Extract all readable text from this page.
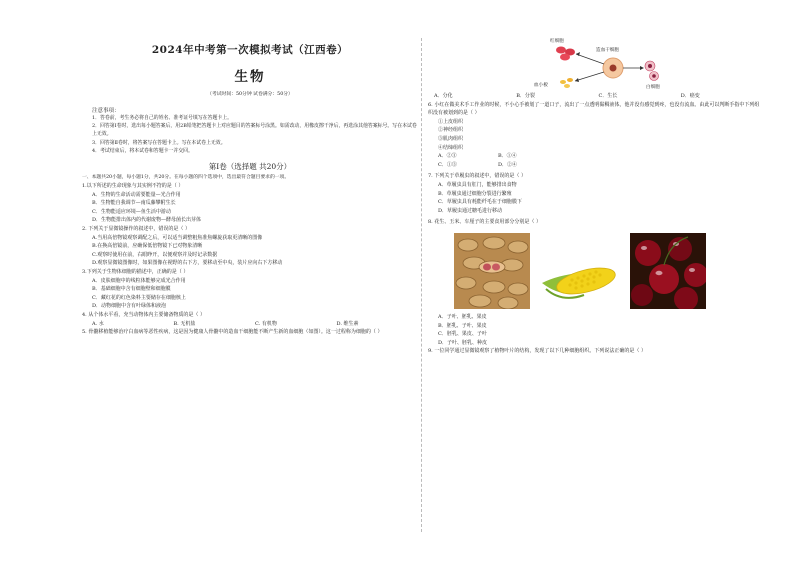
2024年中考第一次模拟考试（江西卷）
生物
（考试时间：50分钟 试卷满分：50分）
注意事项：
1．答卷前，考生务必将自己的姓名、准考证号填写在答题卡上。
2．回答第Ⅰ卷时，选出每小题答案后，用2B铅笔把答题卡上对应题目的答案标号涂黑。如需改动，用橡皮擦干净后，再选涂其他答案标号。写在本试卷上无效。
3．回答第Ⅱ卷时，将答案写在答题卡上。写在本试卷上无效。
4．考试结束后，将本试卷和答题卡一并交回。
第Ⅰ卷（选择题 共20分）
一、本题共20小题，每小题1分，共20分。在每小题的四个选项中，选出最符合题目要求的一项。
1.以下所述的生命现象与其实例不符的是（ ）
A．生物的生命活动需要能量—光合作用
B．生物能自我调节—南瓜藤攀附生长
C．生物能适应环境—鱼生活中游动
D．生物能排出体内的代谢废物—酵母菌长出芽体
2. 下列关于显微镜操作的叙述中，错误的是（ ）
A.当用高倍物镜观察调配之后，可以适当调整粗焦准焦螺旋获取更清晰的图像
B.在换高倍镜前，应确保低倍物镜下已对物象清晰
C.观察时使用在前，右眼睁开，以便观察并及时记录数据
D.观察显微镜图像时，如果图像在视野的右下方，要移动至中央，装片应向右下方移动
3.下列关于生物体细胞的描述中，正确的是（ ）
A．皮肤细胞中的线粒体能够完成光合作用
B．基础细胞中含有细胞壁和细胞膜
C．藏红花的红色染料主要储存在细胞核上
D．动物细胞中含有叶绿体和液泡
4. 从个体水平看，充当动物体内主要储备物质的是（ ）
A. 水	B. 无机盐	C. 有机物	D. 维生素
5. 骨髓移植能够治疗白血病等恶性疾病，这是因为健康人骨髓中的造血干细胞能不断产生新的血细胞（如图）。这一过程称为细胞的（ ）
红细胞
造血干细胞
血小板	白细胞
A．分化	B．分裂	C．生长	D．癌变
6. 小红在做美术手工作业的时候，不小心手被划了一道口子，流出了一点透明黏稠液体，他并没有感觉到疼，也没有流血。由此可以判断手指中下列组织没有被划到的是（ ）
①上皮组织
②神经组织
③肌肉组织
④结缔组织
A．②③	B．①④
C．①③	D．②④
7. 下列关于草履虫的叙述中，错误的是（ ）
A．草履虫具有肛门，能够排出食物
B．草履虫通过细胞分裂进行繁殖
C．草履虫具有耗能纤毛在于细胞膜下
D．草履虫通过糖毛进行移动
8. 花生、玉米、车厘子的主要食用部分分别是（ ）
A．子叶、胚乳、果皮
B．胚乳、子叶、果皮
C．胚乳、果皮、子叶
D．子叶、胚乳、种皮
9. 一位同学通过显微镜观察了植物叶片的结构，发现了以下几种细胞组织。下列说法正确的是（ ）
